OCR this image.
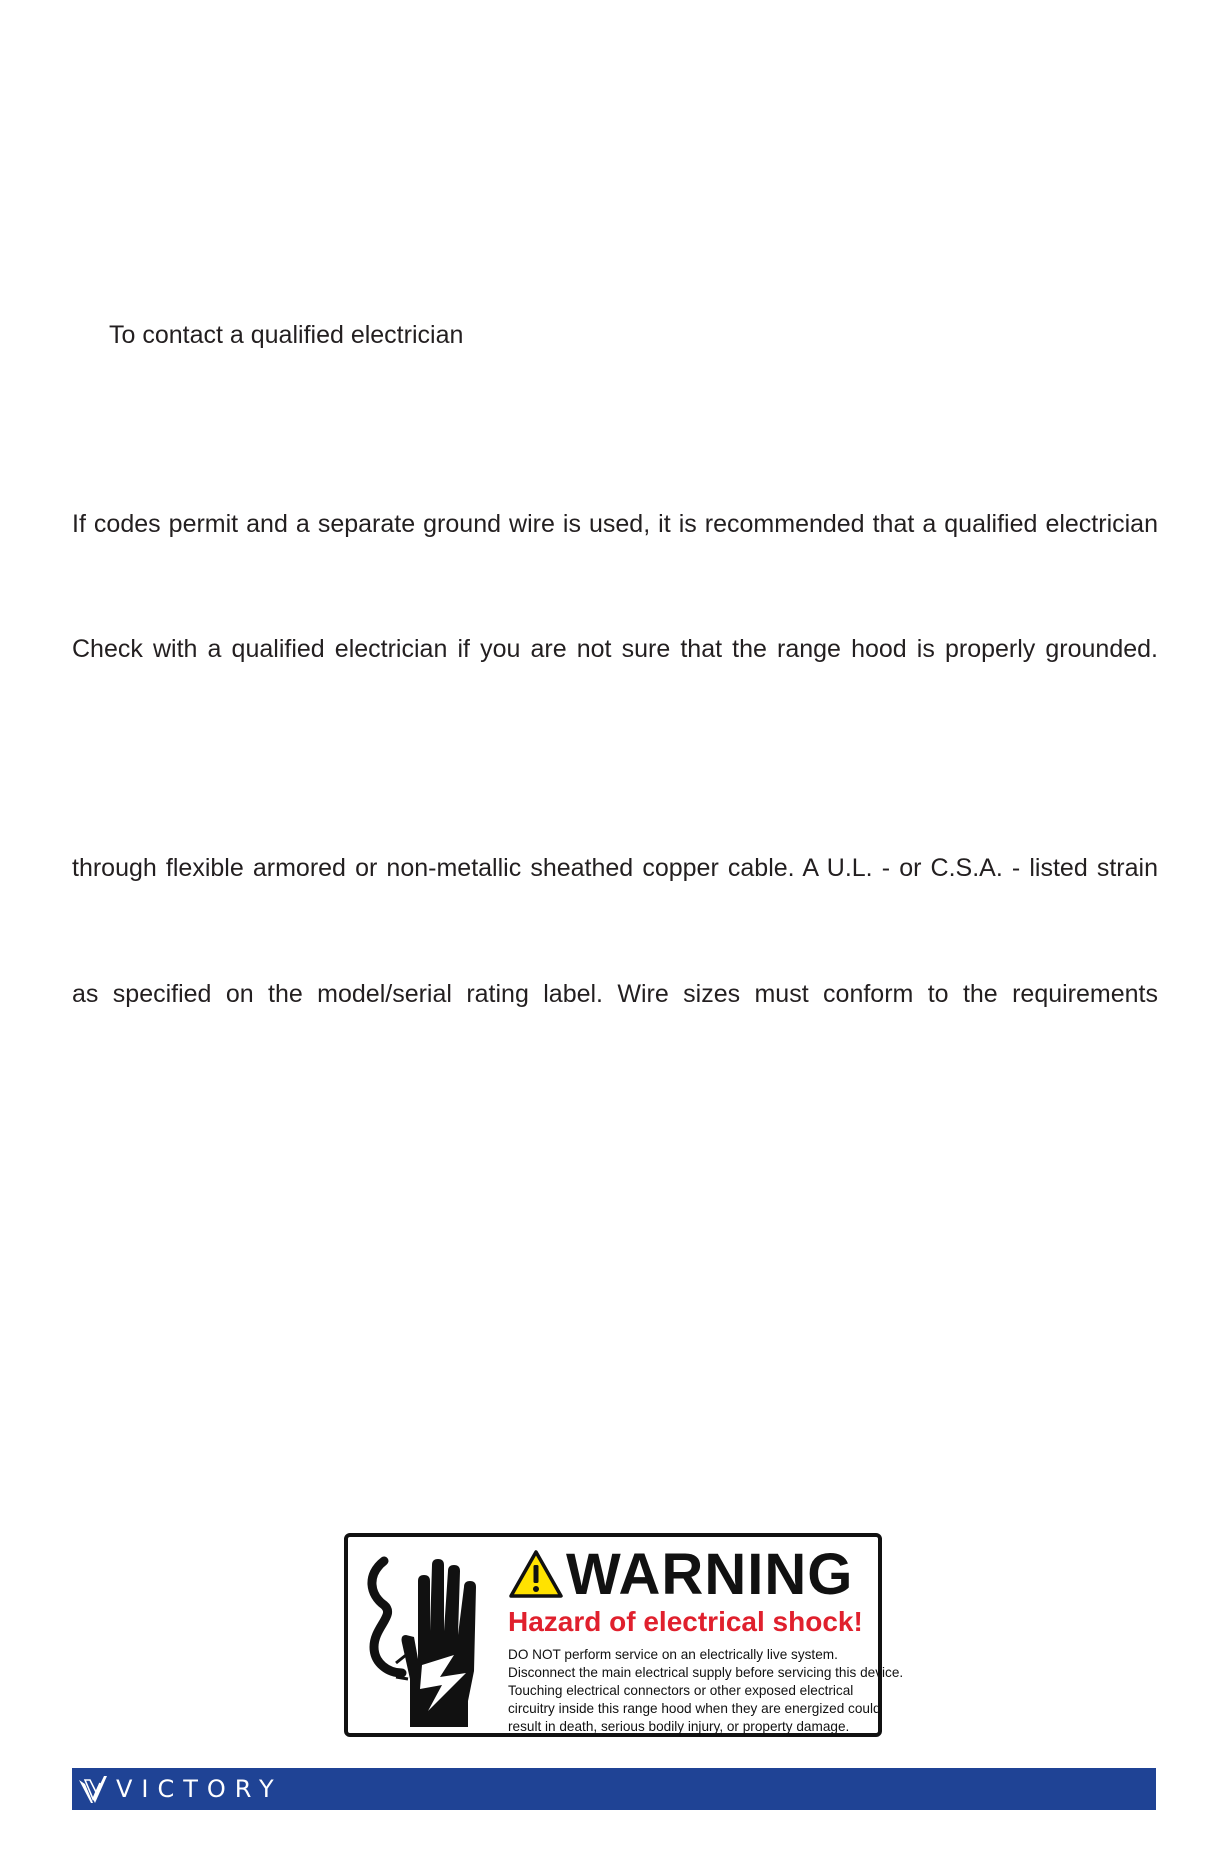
To contact a qualified electrician
If codes permit and a separate ground wire is used, it is recommended that a qualified electrician
Check with a qualified electrician if you are not sure that the range hood is properly grounded.
through flexible armored or non-metallic sheathed copper cable. A U.L. - or C.S.A. - listed strain
as specified on the model/serial rating label. Wire sizes must conform to the requirements
WARNING
Hazard of electrical shock!
DO NOT perform service on an electrically live system.
Disconnect the main electrical supply before servicing this device.
Touching electrical connectors or other exposed electrical
circuitry inside this range hood when they are energized could
result in death, serious bodily injury, or property damage.
VICTORY
